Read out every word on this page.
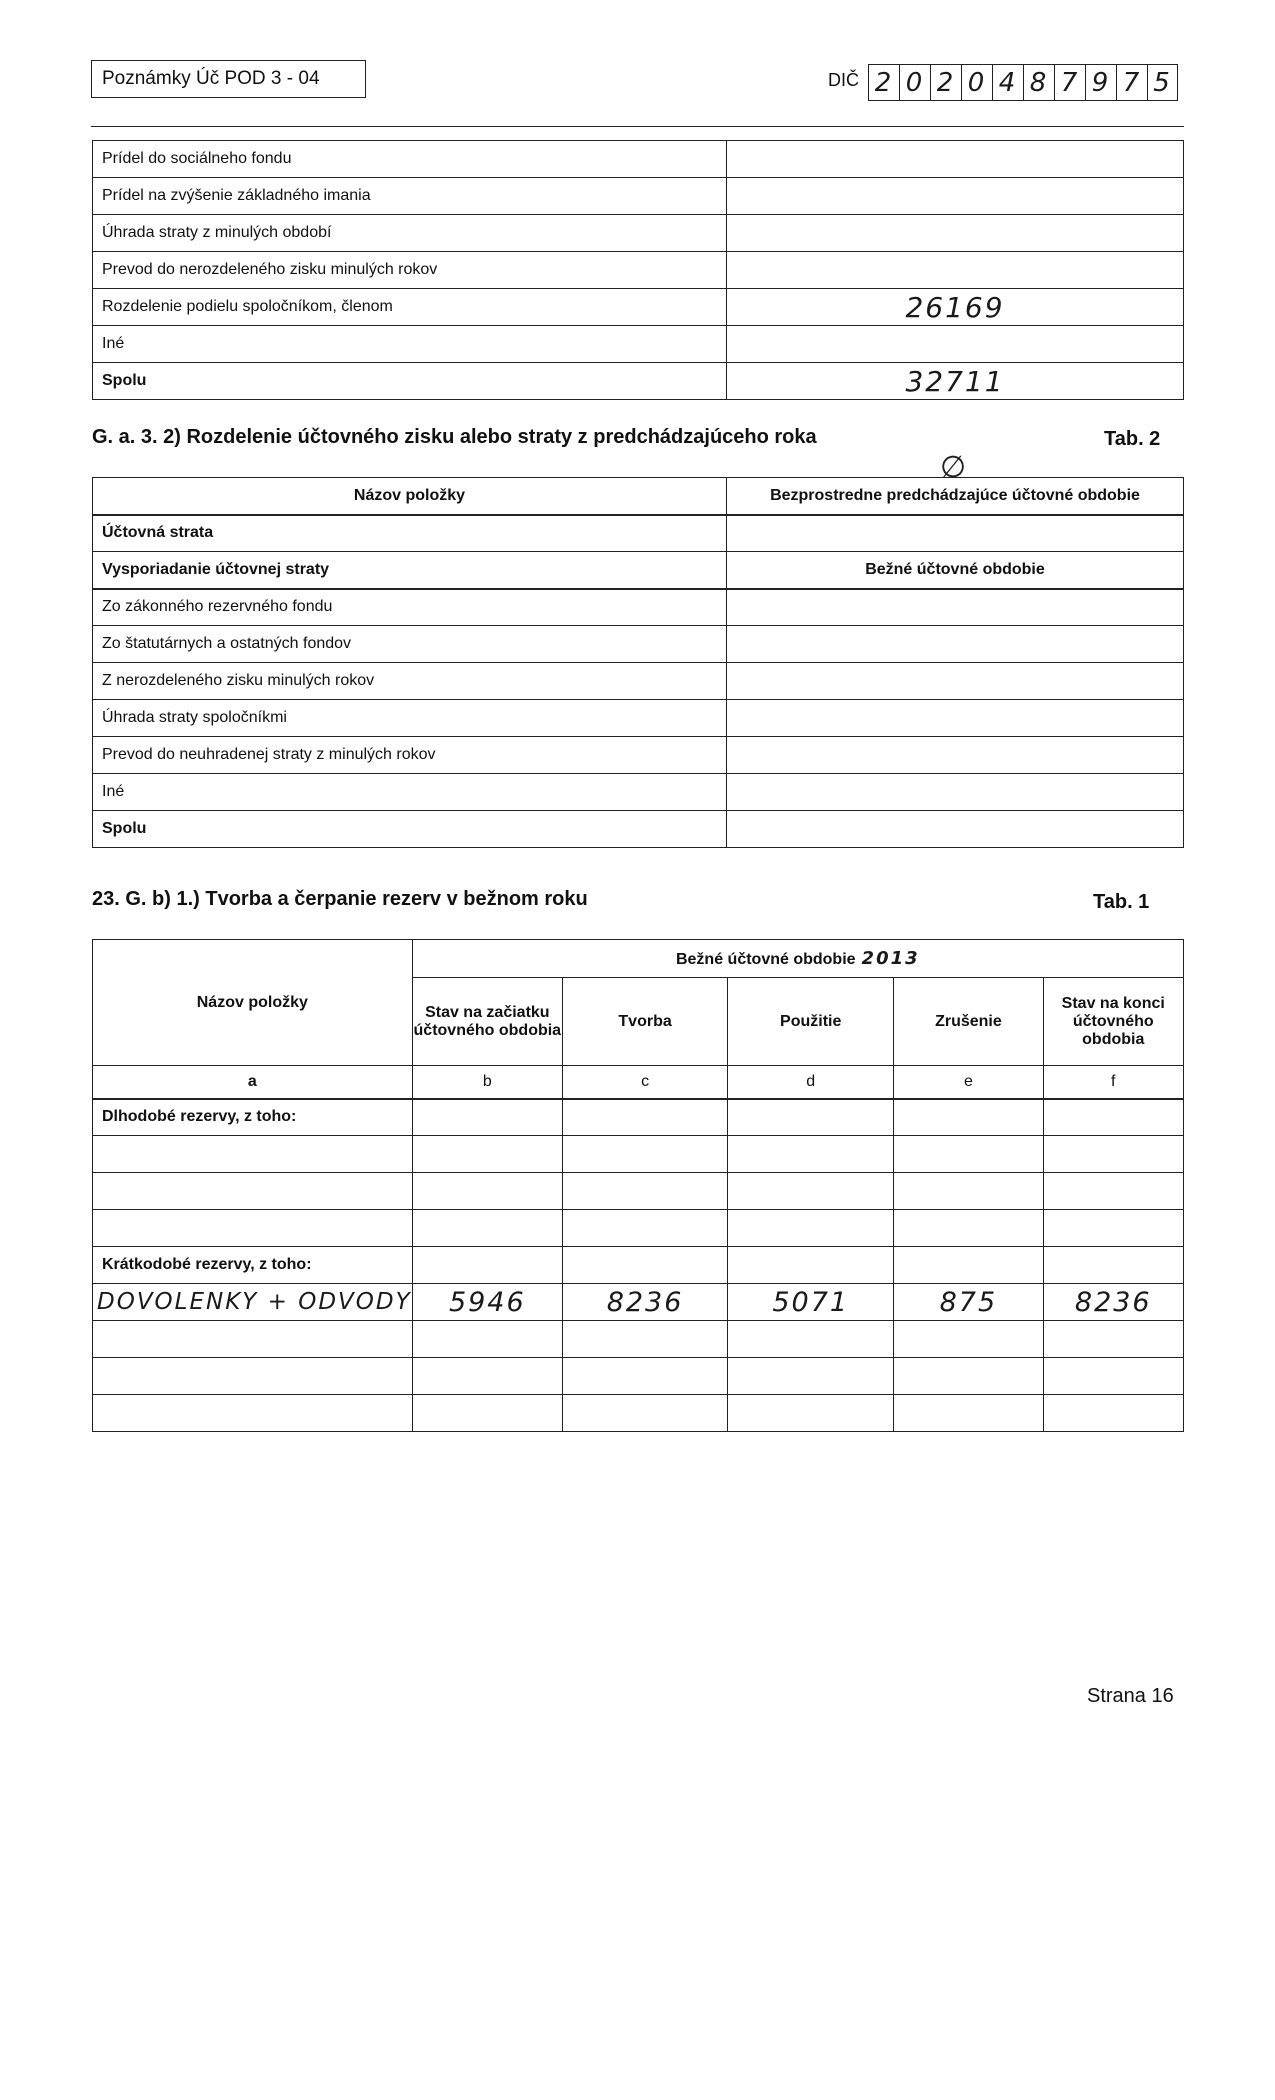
Poznámky Úč POD 3 - 04	DIČ 2 0 2 0 4 8 7 9 7 5
Prídel do sociálneho fondu	
Prídel na zvýšenie základného imania	
Úhrada straty z minulých období	
Prevod do nerozdeleného zisku minulých rokov	
Rozdelenie podielu spoločníkom, členom	26169
Iné	
Spolu	32711
G. a. 3. 2) Rozdelenie účtovného zisku alebo straty z predchádzajúceho roka	Tab. 2
∅
Názov položky	Bezprostredne predchádzajúce účtovné obdobie
Účtovná strata	
Vysporiadanie účtovnej straty	Bežné účtovné obdobie
Zo zákonného rezervného fondu	
Zo štatutárnych a ostatných fondov	
Z nerozdeleného zisku minulých rokov	
Úhrada straty spoločníkmi	
Prevod do neuhradenej straty z minulých rokov	
Iné	
Spolu	
23. G. b) 1.) Tvorba a čerpanie rezerv v bežnom roku	Tab. 1
Názov položky	Bežné účtovné obdobie 2013				
	Stav na začiatku účtovného obdobia	Tvorba	Použitie	Zrušenie	Stav na konci účtovného obdobia
a	b	c	d	e	f
Dlhodobé rezervy, z toho:					

Krátkodobé rezervy, z toho:					
DOVOLENKY + ODVODY	5946	8236	5071	875	8236

Strana 16
